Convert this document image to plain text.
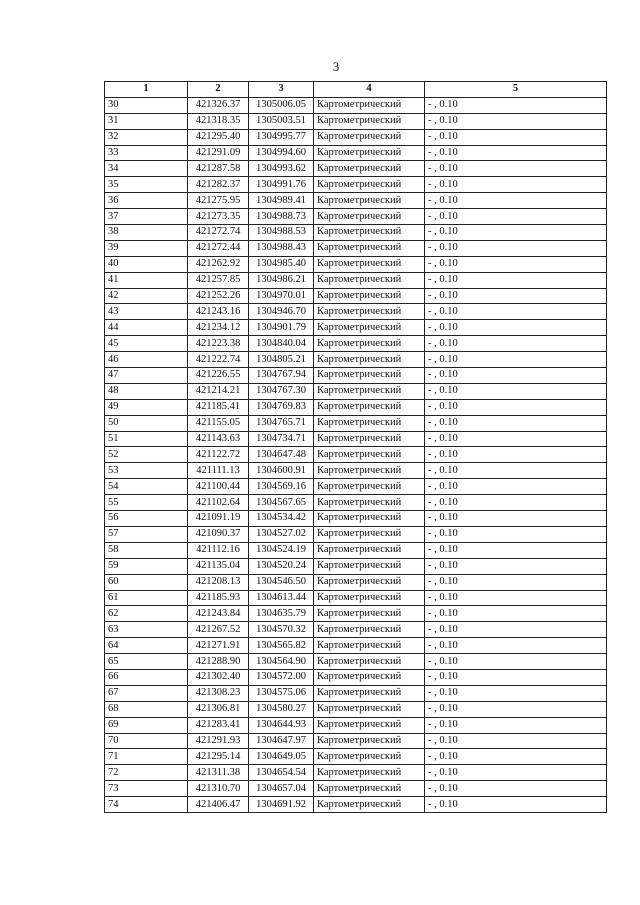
3
1	2	3	4	5
30	421326.37	1305006.05	Картометрический	- , 0.10
31	421318.35	1305003.51	Картометрический	- , 0.10
32	421295.40	1304995.77	Картометрический	- , 0.10
33	421291.09	1304994.60	Картометрический	- , 0.10
34	421287.58	1304993.62	Картометрический	- , 0.10
35	421282.37	1304991.76	Картометрический	- , 0.10
36	421275.95	1304989.41	Картометрический	- , 0.10
37	421273.35	1304988.73	Картометрический	- , 0.10
38	421272.74	1304988.53	Картометрический	- , 0.10
39	421272.44	1304988.43	Картометрический	- , 0.10
40	421262.92	1304985.40	Картометрический	- , 0.10
41	421257.85	1304986.21	Картометрический	- , 0.10
42	421252.26	1304970.01	Картометрический	- , 0.10
43	421243.16	1304946.70	Картометрический	- , 0.10
44	421234.12	1304901.79	Картометрический	- , 0.10
45	421223.38	1304840.04	Картометрический	- , 0.10
46	421222.74	1304805.21	Картометрический	- , 0.10
47	421226.55	1304767.94	Картометрический	- , 0.10
48	421214.21	1304767.30	Картометрический	- , 0.10
49	421185.41	1304769.83	Картометрический	- , 0.10
50	421155.05	1304765.71	Картометрический	- , 0.10
51	421143.63	1304734.71	Картометрический	- , 0.10
52	421122.72	1304647.48	Картометрический	- , 0.10
53	421111.13	1304600.91	Картометрический	- , 0.10
54	421100.44	1304569.16	Картометрический	- , 0.10
55	421102.64	1304567.65	Картометрический	- , 0.10
56	421091.19	1304534.42	Картометрический	- , 0.10
57	421090.37	1304527.02	Картометрический	- , 0.10
58	421112.16	1304524.19	Картометрический	- , 0.10
59	421135.04	1304520.24	Картометрический	- , 0.10
60	421208.13	1304546.50	Картометрический	- , 0.10
61	421185.93	1304613.44	Картометрический	- , 0.10
62	421243.84	1304635.79	Картометрический	- , 0.10
63	421267.52	1304570.32	Картометрический	- , 0.10
64	421271.91	1304565.82	Картометрический	- , 0.10
65	421288.90	1304564.90	Картометрический	- , 0.10
66	421302.40	1304572.00	Картометрический	- , 0.10
67	421308.23	1304575.06	Картометрический	- , 0.10
68	421306.81	1304580.27	Картометрический	- , 0.10
69	421283.41	1304644.93	Картометрический	- , 0.10
70	421291.93	1304647.97	Картометрический	- , 0.10
71	421295.14	1304649.05	Картометрический	- , 0.10
72	421311.38	1304654.54	Картометрический	- , 0.10
73	421310.70	1304657.04	Картометрический	- , 0.10
74	421406.47	1304691.92	Картометрический	- , 0.10
